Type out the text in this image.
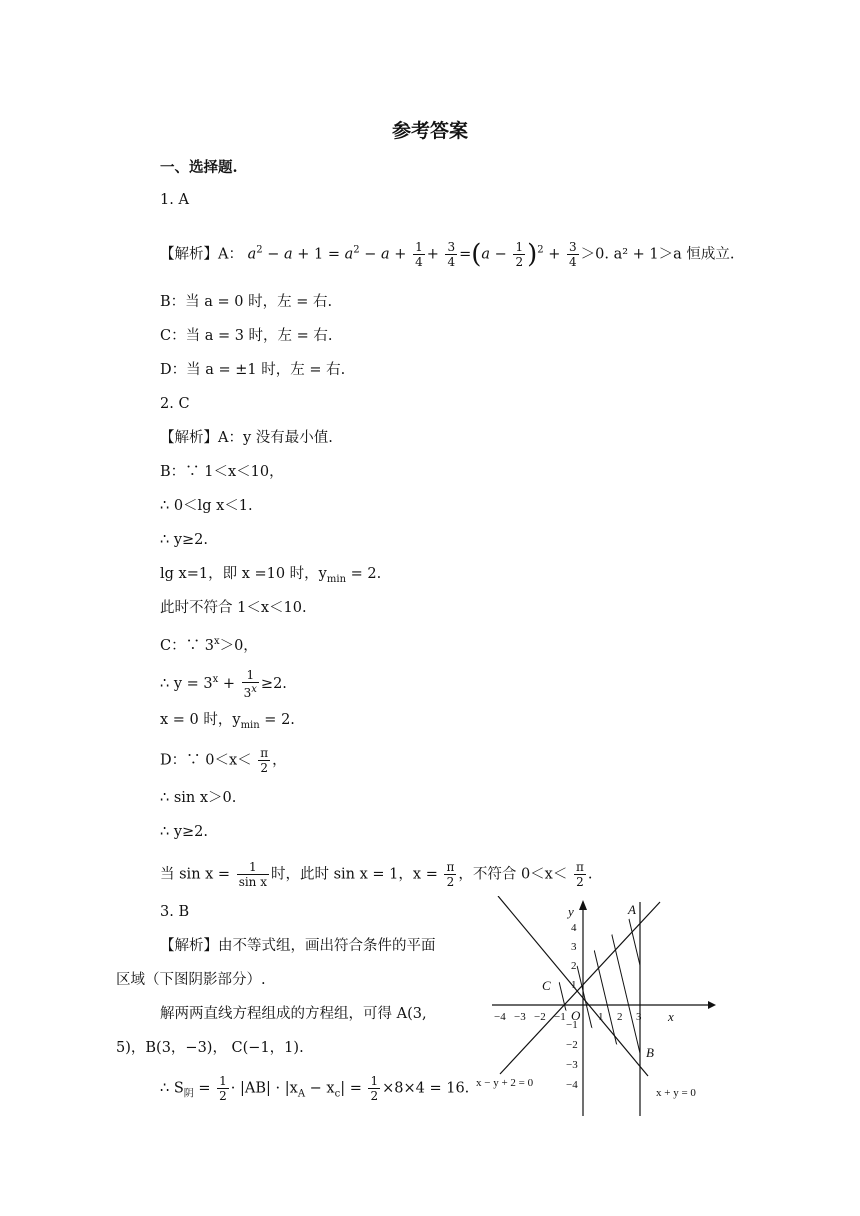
参考答案
一、选择题.
1. A
【解析】A： $a^2 - a + 1 = a^2 - a + \frac{1}{4} + \frac{3}{4} =(a - \frac{1}{2} )^2 + \frac{3}{4} >0$. a² + 1＞a 恒成立.
B：当 a = 0 时，左 = 右.
C：当 a = 3 时，左 = 右.
D：当 a = ±1 时，左 = 右.
2. C
【解析】A：y 没有最小值.
B：∵ 1＜x＜10，
∴ 0＜lg x＜1.
∴ y≥2.
lg x=1，即 x =10 时，$y_{min} = 2$.
此时不符合 1＜x＜10.
C：∵ $3^x>0$，
∴ $y = 3^x + \frac{1}{3^x} \ge 2$.
x = 0 时，$y_{min} = 2$.
D：∵ $0<x< \frac{\pi}{2}$ ，
∴ sin x＞0.
∴ y≥2.
当 $\sin x = \frac{1}{\text{sin x}}$ 时，此时 sin x = 1，$x = \frac{\pi}{2}$ ，不符合 $0<x< \frac{\pi}{2}$ .
3. B
【解析】由不等式组，画出符合条件的平面
区域（下图阴影部分）.
解两两直线方程组成的方程组，可得 A(3,
5)，B(3，−3)， C(−1，1).
∴ $S_阴 = \frac{1}{2} \cdot |AB| \cdot |x_A - x_c| = \frac{1}{2} \times 8\times 4 = 16$.
y
x
O
A
B
C
x − y + 2 = 0
x + y = 0
−4 −3 −2 −1	1 2 3
4
3
2
1
−1
−2
−3
−4
